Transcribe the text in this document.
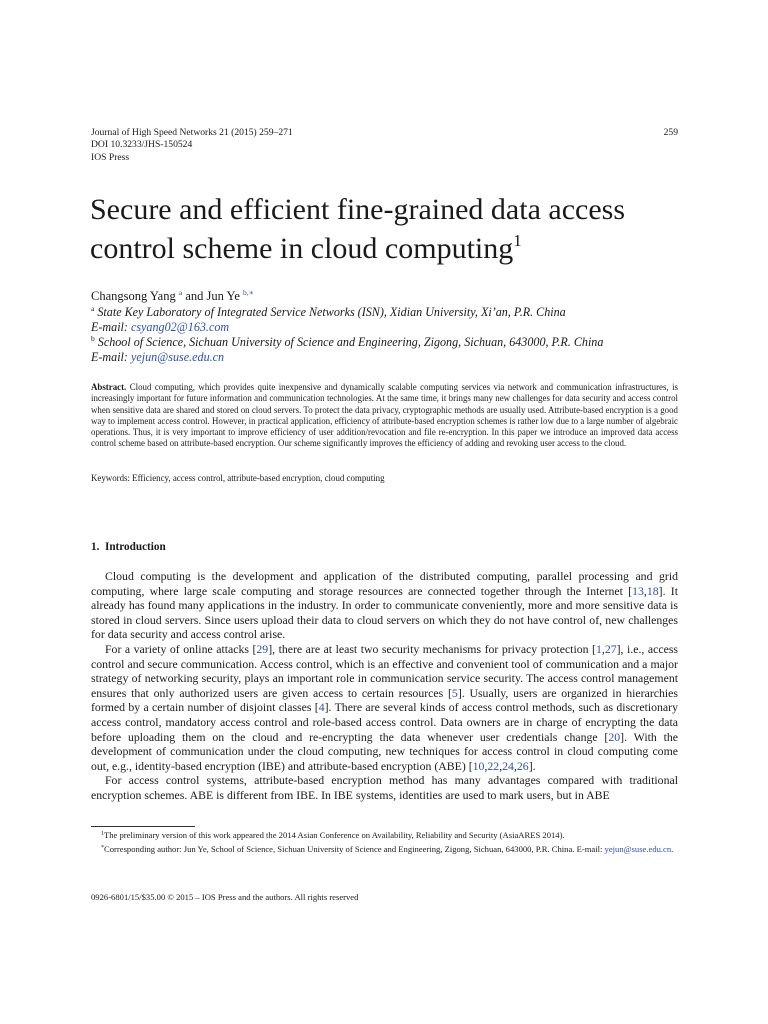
Journal of High Speed Networks 21 (2015) 259–271
DOI 10.3233/JHS-150524
IOS Press
259
Secure and efficient fine-grained data access
control scheme in cloud computing$^1$
Changsong Yang $^a$ and Jun Ye $^{b,∗}$
$^a$ State Key Laboratory of Integrated Service Networks (ISN), Xidian University, Xi’an, P.R. China
E-mail: csyang02@163.com
$^b$ School of Science, Sichuan University of Science and Engineering, Zigong, Sichuan, 643000, P.R. China
E-mail: yejun@suse.edu.cn
Abstract. Cloud computing, which provides quite inexpensive and dynamically scalable computing services via network and communication infrastructures, is increasingly important for future information and communication technologies. At the same time, it brings many new challenges for data security and access control when sensitive data are shared and stored on cloud servers. To protect the data privacy, cryptographic methods are usually used. Attribute-based encryption is a good way to implement access control. However, in practical application, efficiency of attribute-based encryption schemes is rather low due to a large number of algebraic operations. Thus, it is very important to improve efficiency of user addition/revocation and file re-encryption. In this paper we introduce an improved data access control scheme based on attribute-based encryption. Our scheme significantly improves the efficiency of adding and revoking user access to the cloud.
Keywords: Efficiency, access control, attribute-based encryption, cloud computing
1. Introduction

Cloud computing is the development and application of the distributed computing, parallel processing and grid computing, where large scale computing and storage resources are connected together through the Internet [13,18]. It already has found many applications in the industry. In order to communicate conveniently, more and more sensitive data is stored in cloud servers. Since users upload their data to cloud servers on which they do not have control of, new challenges for data security and access control arise.

For a variety of online attacks [29], there are at least two security mechanisms for privacy protection [1,27], i.e., access control and secure communication. Access control, which is an effective and convenient tool of communication and a major strategy of networking security, plays an important role in communication service security. The access control management ensures that only authorized users are given access to certain resources [5]. Usually, users are organized in hierarchies formed by a certain number of disjoint classes [4]. There are several kinds of access control methods, such as discretionary access control, mandatory access control and role-based access control. Data owners are in charge of encrypting the data before uploading them on the cloud and re-encrypting the data whenever user credentials change [20]. With the development of communication under the cloud computing, new techniques for access control in cloud computing come out, e.g., identity-based encryption (IBE) and attribute-based encryption (ABE) [10,22,24,26].

For access control systems, attribute-based encryption method has many advantages compared with traditional encryption schemes. ABE is different from IBE. In IBE systems, identities are used to mark users, but in ABE

$^1$The preliminary version of this work appeared the 2014 Asian Conference on Availability, Reliability and Security (AsiaARES 2014).
*Corresponding author: Jun Ye, School of Science, Sichuan University of Science and Engineering, Zigong, Sichuan, 643000, P.R. China. E-mail: yejun@suse.edu.cn.
0926-6801/15/$35.00 © 2015 – IOS Press and the authors. All rights reserved
